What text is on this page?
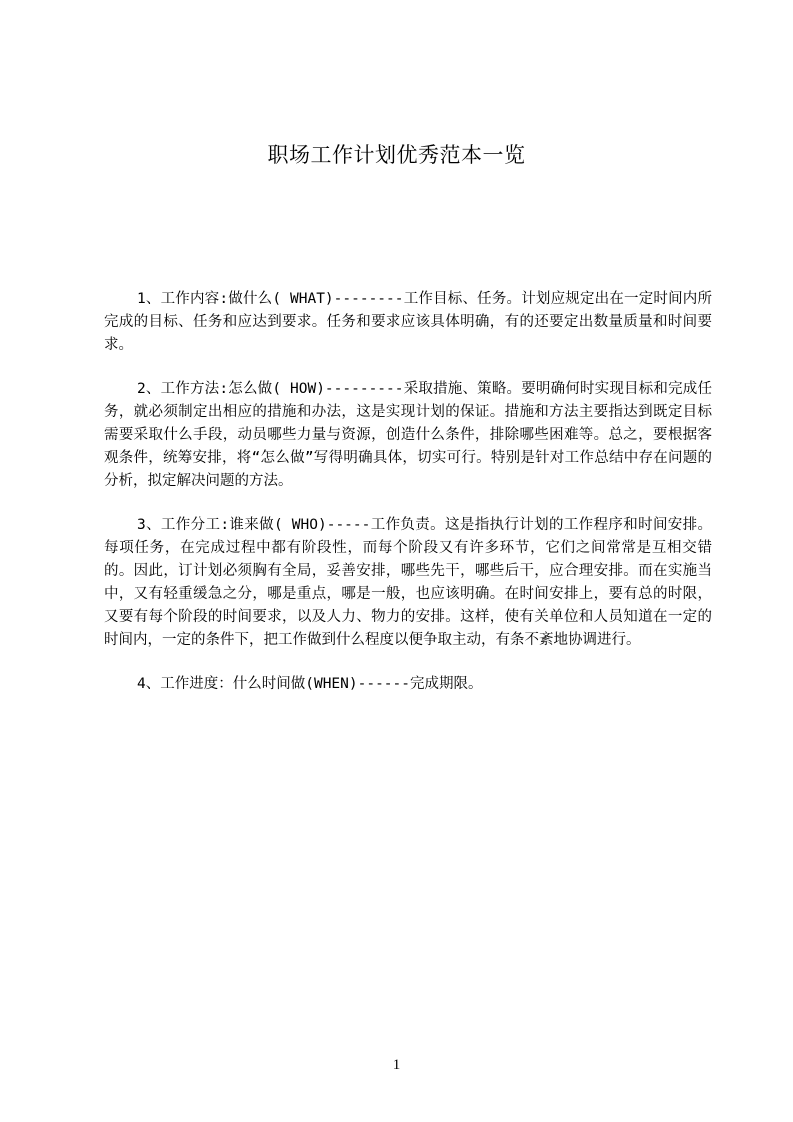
职场工作计划优秀范本一览

1、工作内容:做什么( WHAT)--------工作目标、任务。计划应规定出在一定时间内所完成的目标、任务和应达到要求。任务和要求应该具体明确，有的还要定出数量质量和时间要求。

2、工作方法:怎么做( HOW)---------采取措施、策略。要明确何时实现目标和完成任务，就必须制定出相应的措施和办法，这是实现计划的保证。措施和方法主要指达到既定目标需要采取什么手段，动员哪些力量与资源，创造什么条件，排除哪些困难等。总之，要根据客观条件，统筹安排，将“怎么做”写得明确具体，切实可行。特别是针对工作总结中存在问题的分析，拟定解决问题的方法。

3、工作分工:谁来做( WHO)-----工作负责。这是指执行计划的工作程序和时间安排。每项任务，在完成过程中都有阶段性，而每个阶段又有许多环节，它们之间常常是互相交错的。因此，订计划必须胸有全局，妥善安排，哪些先干，哪些后干，应合理安排。而在实施当中，又有轻重缓急之分，哪是重点，哪是一般，也应该明确。在时间安排上，要有总的时限，又要有每个阶段的时间要求，以及人力、物力的安排。这样，使有关单位和人员知道在一定的时间内，一定的条件下，把工作做到什么程度以便争取主动，有条不紊地协调进行。

4、工作进度：什么时间做(WHEN)------完成期限。

1
